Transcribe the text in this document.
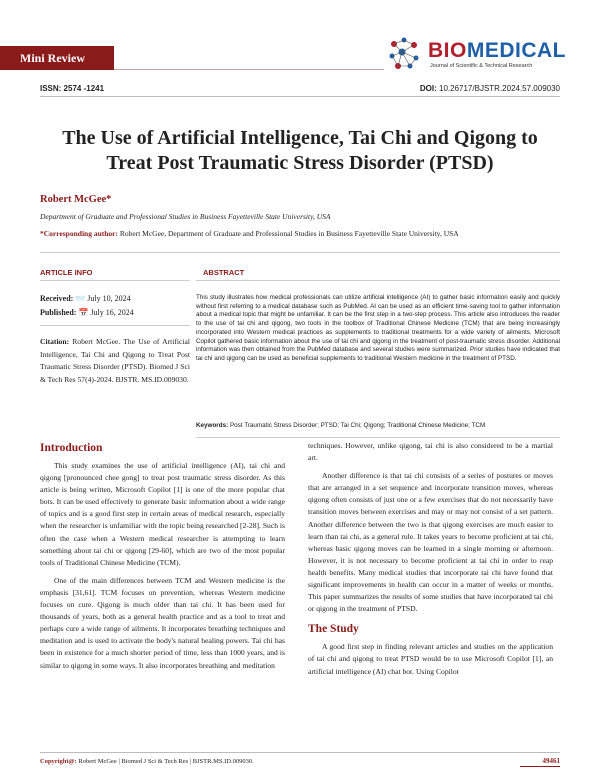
Mini Review	BIOMEDICAL
Journal of Scientific & Technical Research
ISSN: 2574 -1241	DOI: 10.26717/BJSTR.2024.57.009030
The Use of Artificial Intelligence, Tai Chi and Qigong to Treat Post Traumatic Stress Disorder (PTSD)
Robert McGee*
Department of Graduate and Professional Studies in Business Fayetteville State University, USA
*Corresponding author: Robert McGee, Department of Graduate and Professional Studies in Business Fayetteville State University, USA
ARTICLE INFO
Received: 📨 July 10, 2024
Published: 📅 July 16, 2024
Citation: Robert McGee. The Use of Artificial Intelligence, Tai Chi and Qigong to Treat Post Traumatic Stress Disorder (PTSD). Biomed J Sci & Tech Res 57(4)-2024. BJSTR. MS.ID.009030.
ABSTRACT
This study illustrates how medical professionals can utilize artificial intelligence (AI) to gather basic information easily and quickly without first referring to a medical database such as PubMed. AI can be used as an efficient time-saving tool to gather information about a medical topic that might be unfamiliar. It can be the first step in a two-step process. This article also introduces the reader to the use of tai chi and qigong, two tools in the toolbox of Traditional Chinese Medicine (TCM) that are being increasingly incorporated into Western medical practices as supplements to traditional treatments for a wide variety of ailments. Microsoft Copilot gathered basic information about the use of tai chi and qigong in the treatment of post-traumatic stress disorder. Additional information was then obtained from the PubMed database and several studies were summarized. Prior studies have indicated that tai chi and qigong can be used as beneficial supplements to traditional Western medicine in the treatment of PTSD.
Keywords: Post Traumatic Stress Disorder; PTSD; Tai Chi; Qigong; Traditional Chinese Medicine; TCM
Introduction

This study examines the use of artificial intelligence (AI), tai chi and qigong [pronounced chee gong] to treat post traumatic stress disorder. As this article is being written, Microsoft Copilot [1] is one of the more popular chat bots. It can be used effectively to generate basic information about a wide range of topics and is a good first step in certain areas of medical research, especially when the researcher is unfamiliar with the topic being researched [2-28]. Such is often the case when a Western medical researcher is attempting to learn something about tai chi or qigong [29-60], which are two of the most popular tools of Traditional Chinese Medicine (TCM).

One of the main differences between TCM and Western medicine is the emphasis [31,61]. TCM focuses on prevention, whereas Western medicine focuses on cure. Qigong is much older than tai chi. It has been used for thousands of years, both as a general health practice and as a tool to treat and perhaps cure a wide range of ailments. It incorporates breathing techniques and meditation and is used to activate the body's natural healing powers. Tai chi has been in existence for a much shorter period of time, less than 1000 years, and is similar to qigong in some ways. It also incorporates breathing and meditation

techniques. However, unlike qigong, tai chi is also considered to be a martial art.

Another difference is that tai chi consists of a series of postures or moves that are arranged in a set sequence and incorporate transition moves, whereas qigong often consists of just one or a few exercises that do not necessarily have transition moves between exercises and may or may not consist of a set pattern. Another difference between the two is that qigong exercises are much easier to learn than tai chi, as a general rule. It takes years to become proficient at tai chi, whereas basic qigong moves can be learned in a single morning or afternoon. However, it is not necessary to become proficient at tai chi in order to reap health benefits. Many medical studies that incorporate tai chi have found that significant improvements in health can occur in a matter of weeks or months. This paper summarizes the results of some studies that have incorporated tai chi or qigong in the treatment of PTSD.

The Study

A good first step in finding relevant articles and studies on the application of tai chi and qigong to treat PTSD would be to use Microsoft Copilot [1], an artificial intelligence (AI) chat bot. Using Copilot

Copyright@: Robert McGee | Biomed J Sci & Tech Res | BJSTR.MS.ID.009030.	49461
